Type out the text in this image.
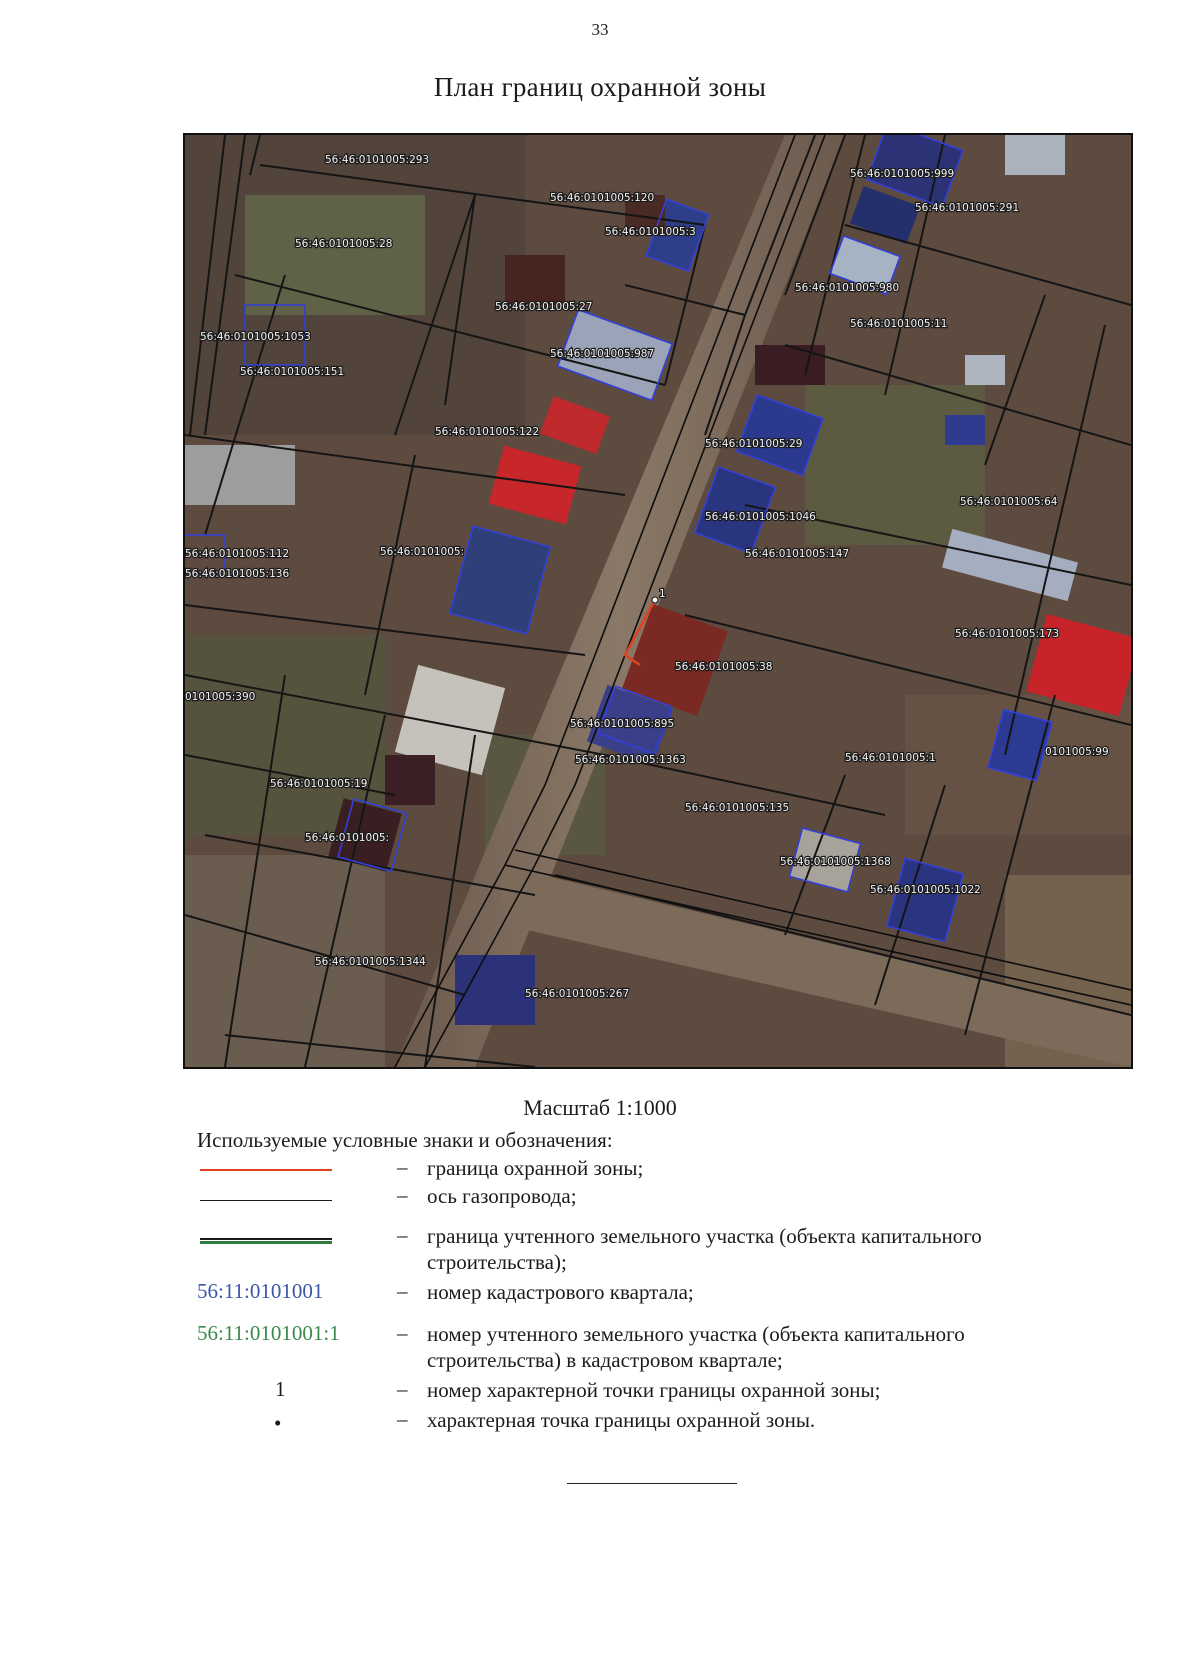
33
План границ охранной зоны
1
56:46:0101005:293
56:46:0101005:120
56:46:0101005:28
56:46:0101005:3
56:46:0101005:27
56:46:0101005:1053
56:46:0101005:151
56:46:0101005:987
56:46:0101005:122
56:46:0101005:999
56:46:0101005:291
56:46:0101005:980
56:46:0101005:11
56:46:0101005:29
56:46:0101005:1046
56:46:0101005:147
56:46:0101005:64
56:46:0101005:112
56:46:0101005:136
56:46:0101005:
56:46:0101005:173
56:46:0101005:38
0101005:390
56:46:0101005:895
56:46:0101005:1363
56:46:0101005:19
56:46:0101005:
56:46:0101005:135
56:46:0101005:1
56:46:0101005:1368
56:46:0101005:1022
56:46:0101005:1344
56:46:0101005:267
0101005:99
Масштаб 1:1000
Используемые условные знаки и обозначения:
– граница охранной зоны;
– ось газопровода;
– граница учтенного земельного участка (объекта капитального строительства);
56:11:0101001	– номер кадастрового квартала;
56:11:0101001:1	– номер учтенного земельного участка (объекта капитального строительства) в кадастровом квартале;
1	– номер характерной точки границы охранной зоны;
•	– характерная точка границы охранной зоны.
